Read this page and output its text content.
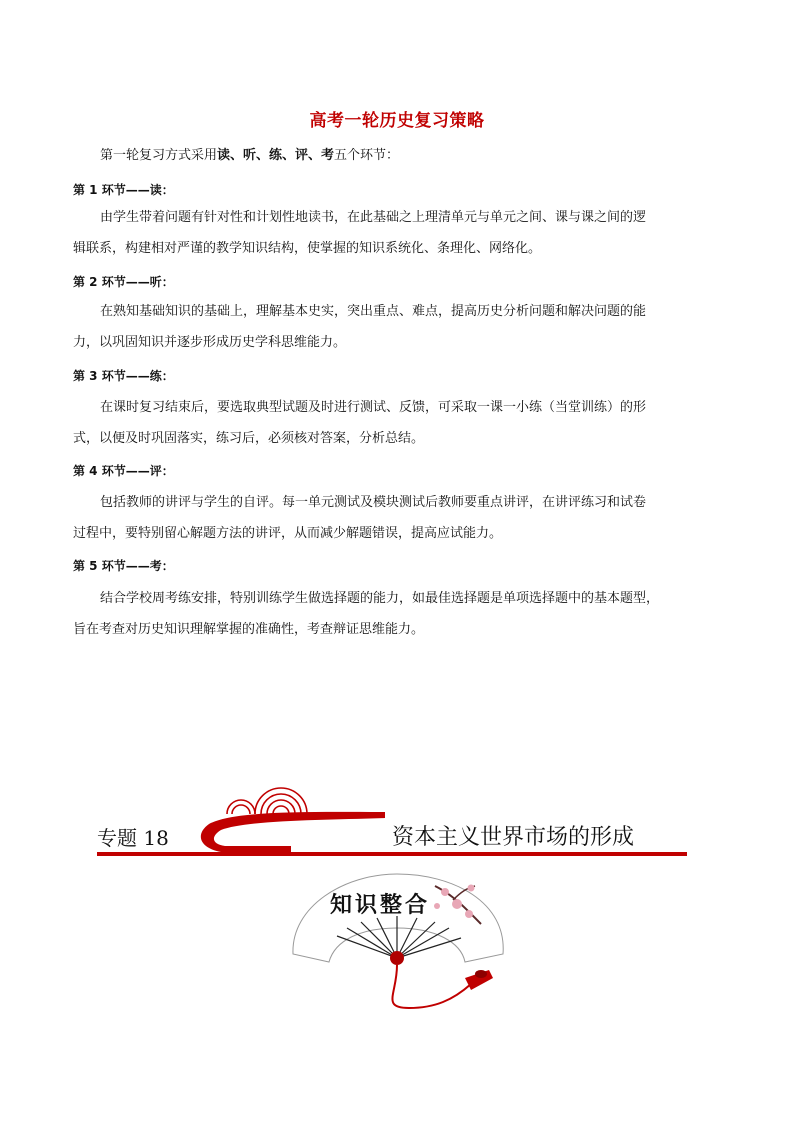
高考一轮历史复习策略
第一轮复习方式采用读、听、练、评、考五个环节：
第 1 环节——读：
由学生带着问题有针对性和计划性地读书，在此基础之上理清单元与单元之间、课与课之间的逻
辑联系，构建相对严谨的教学知识结构，使掌握的知识系统化、条理化、网络化。
第 2 环节——听：
在熟知基础知识的基础上，理解基本史实，突出重点、难点，提高历史分析问题和解决问题的能
力，以巩固知识并逐步形成历史学科思维能力。
第 3 环节——练：
在课时复习结束后，要选取典型试题及时进行测试、反馈，可采取一课一小练（当堂训练）的形
式，以便及时巩固落实，练习后，必须核对答案，分析总结。
第 4 环节——评：
包括教师的讲评与学生的自评。每一单元测试及模块测试后教师要重点讲评，在讲评练习和试卷
过程中，要特别留心解题方法的讲评，从而减少解题错误，提高应试能力。
第 5 环节——考：
结合学校周考练安排，特别训练学生做选择题的能力，如最佳选择题是单项选择题中的基本题型，
旨在考查对历史知识理解掌握的准确性，考查辩证思维能力。
专题 18	资本主义世界市场的形成
知识整合
